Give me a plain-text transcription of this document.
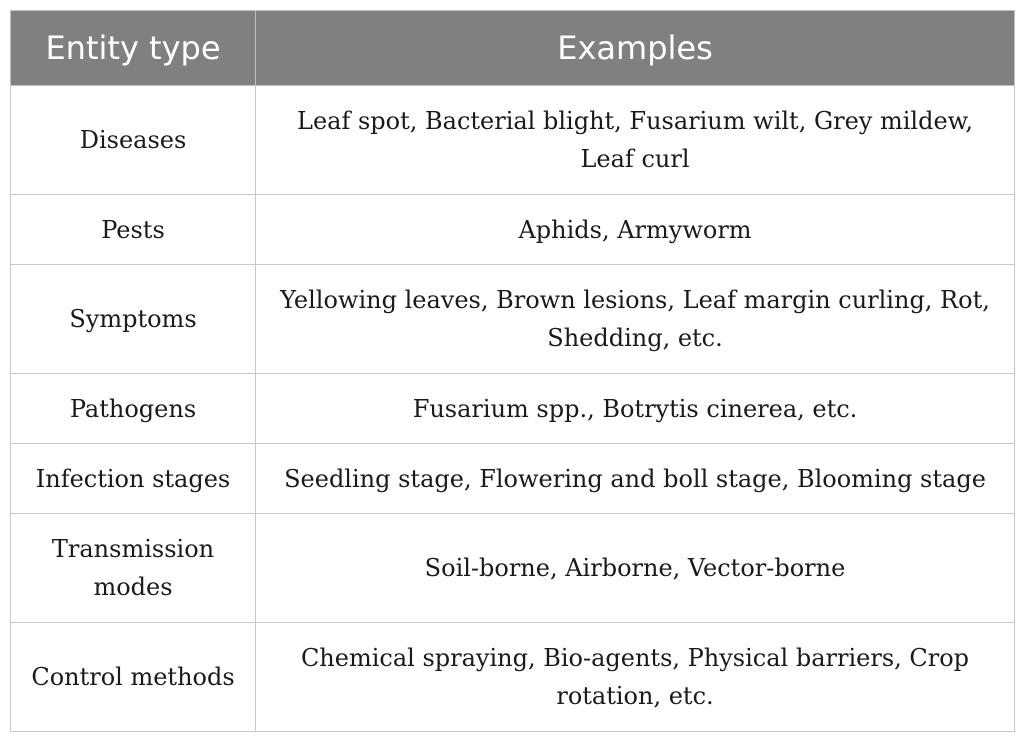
Entity type	Examples
Diseases	Leaf spot, Bacterial blight, Fusarium wilt, Grey mildew, Leaf curl
Pests	Aphids, Armyworm
Symptoms	Yellowing leaves, Brown lesions, Leaf margin curling, Rot, Shedding, etc.
Pathogens	Fusarium spp., Botrytis cinerea, etc.
Infection stages	Seedling stage, Flowering and boll stage, Blooming stage
Transmission modes	Soil-borne, Airborne, Vector-borne
Control methods	Chemical spraying, Bio-agents, Physical barriers, Crop rotation, etc.
